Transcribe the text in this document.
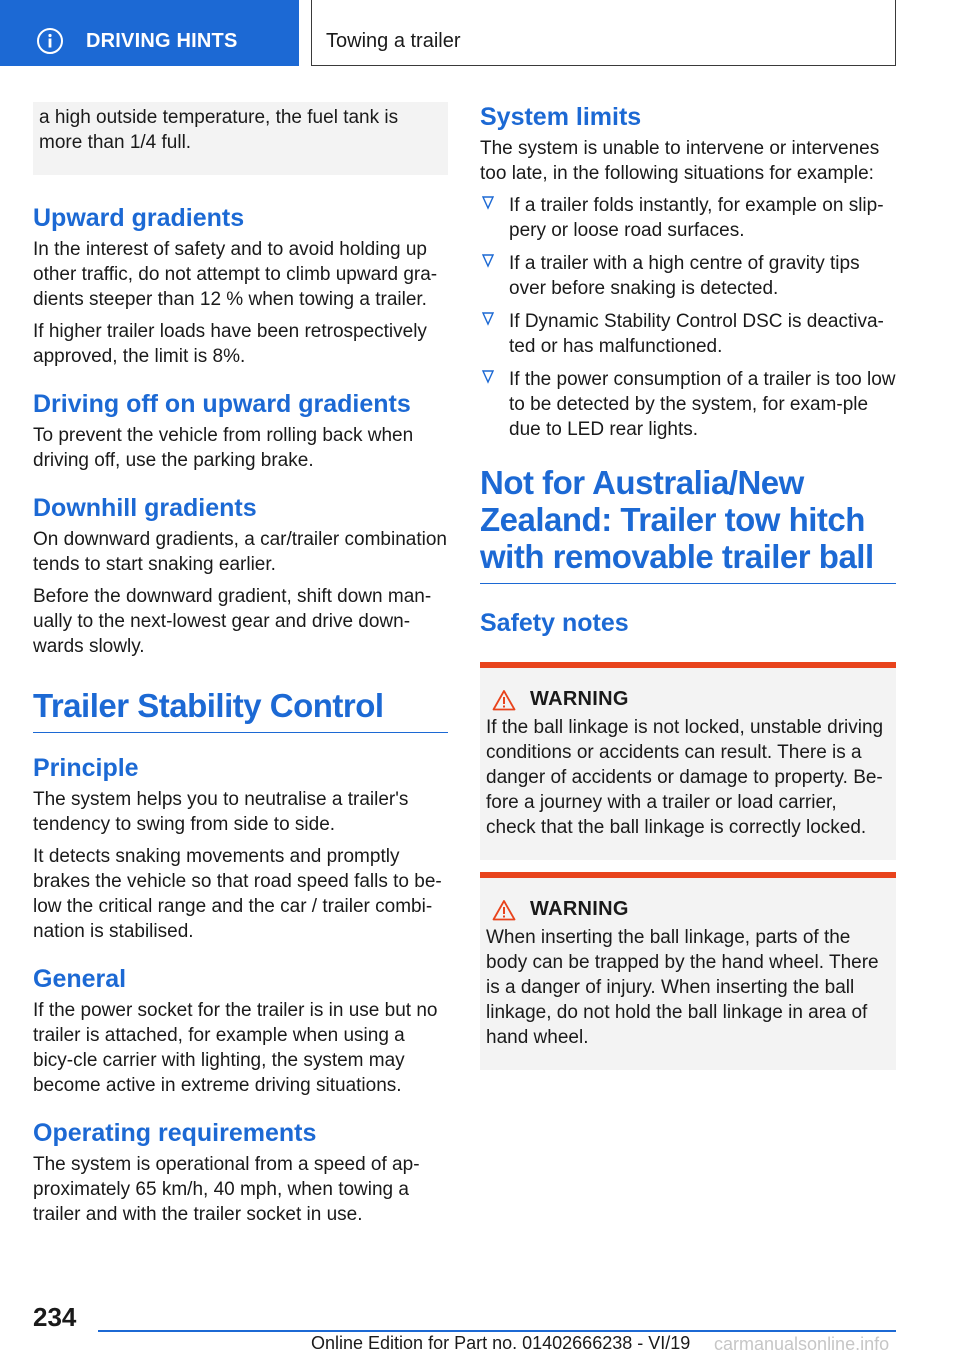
DRIVING HINTS	Towing a trailer

a high outside temperature, the fuel tank is more than 1/4 full.

Upward gradients

In the interest of safety and to avoid holding up other traffic, do not attempt to climb upward gra‐dients steeper than 12 % when towing a trailer.

If higher trailer loads have been retrospectively approved, the limit is 8%.

Driving off on upward gradients

To prevent the vehicle from rolling back when driving off, use the parking brake.

Downhill gradients

On downward gradients, a car/trailer combination tends to start snaking earlier.

Before the downward gradient, shift down man‐ually to the next-lowest gear and drive down‐wards slowly.

Trailer Stability Control
Principle

The system helps you to neutralise a trailer's tendency to swing from side to side.

It detects snaking movements and promptly brakes the vehicle so that road speed falls to be‐low the critical range and the car / trailer combi‐nation is stabilised.

General

If the power socket for the trailer is in use but no trailer is attached, for example when using a bicy‐cle carrier with lighting, the system may become active in extreme driving situations.

Operating requirements

The system is operational from a speed of ap‐proximately 65 km/h, 40 mph, when towing a trailer and with the trailer socket in use.

System limits

The system is unable to intervene or intervenes too late, in the following situations for example:

If a trailer folds instantly, for example on slip‐pery or loose road surfaces.
If a trailer with a high centre of gravity tips over before snaking is detected.
If Dynamic Stability Control DSC is deactiva‐ted or has malfunctioned.
If the power consumption of a trailer is too low to be detected by the system, for exam‐ple due to LED rear lights.
Not for Australia/New Zealand: Trailer tow hitch with removable trailer ball
Safety notes
WARNING

If the ball linkage is not locked, unstable driving conditions or accidents can result. There is a danger of accidents or damage to property. Be‐fore a journey with a trailer or load carrier, check that the ball linkage is correctly locked.

WARNING

When inserting the ball linkage, parts of the body can be trapped by the hand wheel. There is a danger of injury. When inserting the ball linkage, do not hold the ball linkage in area of hand wheel.

234
Online Edition for Part no. 01402666238 - VI/19 carmanualsonline.info
